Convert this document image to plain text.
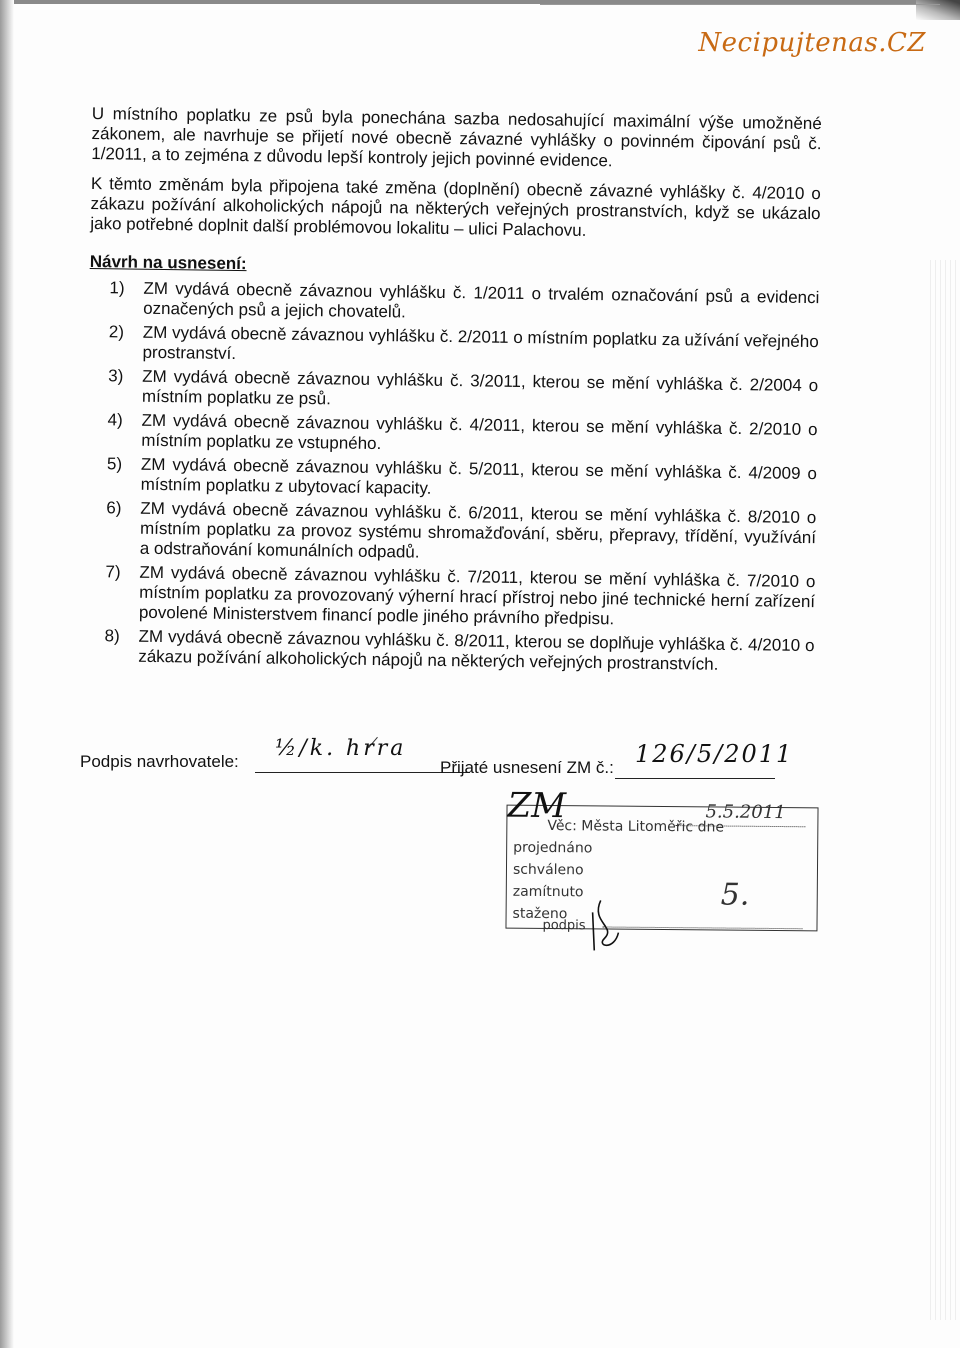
Necipujtenas.CZ

U místního poplatku ze psů byla ponechána sazba nedosahující maximální výše umožněné zákonem, ale navrhuje se přijetí nové obecně závazné vyhlášky o povinném čipování psů č. 1/2011, a to zejména z důvodu lepší kontroly jejich povinné evidence.

K těmto změnám byla připojena také změna (doplnění) obecně závazné vyhlášky č. 4/2010 o zákazu požívání alkoholických nápojů na některých veřejných prostranstvích, když se ukázalo jako potřebné doplnit další problémovou lokalitu – ulici Palachovu.

Návrh na usnesení:
1) ZM vydává obecně závaznou vyhlášku č. 1/2011 o trvalém označování psů a evidenci označených psů a jejich chovatelů.
2) ZM vydává obecně závaznou vyhlášku č. 2/2011 o místním poplatku za užívání veřejného prostranství.
3) ZM vydává obecně závaznou vyhlášku č. 3/2011, kterou se mění vyhláška č. 2/2004 o místním poplatku ze psů.
4) ZM vydává obecně závaznou vyhlášku č. 4/2011, kterou se mění vyhláška č. 2/2010 o místním poplatku ze vstupného.
5) ZM vydává obecně závaznou vyhlášku č. 5/2011, kterou se mění vyhláška č. 4/2009 o místním poplatku z ubytovací kapacity.
6) ZM vydává obecně závaznou vyhlášku č. 6/2011, kterou se mění vyhláška č. 8/2010 o místním poplatku za provoz systému shromažďování, sběru, přepravy, třídění, využívání a odstraňování komunálních odpadů.
7) ZM vydává obecně závaznou vyhlášku č. 7/2011, kterou se mění vyhláška č. 7/2010 o místním poplatku za provozovaný výherní hrací přístroj nebo jiné technické herní zařízení povolené Ministerstvem financí podle jiného právního předpisu.
8) ZM vydává obecně závaznou vyhlášku č. 8/2011, kterou se doplňuje vyhláška č. 4/2010 o zákazu požívání alkoholických nápojů na některých veřejných prostranstvích.
Podpis navrhovatele:
½/k. ℎrra
Přijaté usnesení ZM č.: 126/5/2011
ZM
Věc: Města Litoměřic dne
5.5.2011
projednáno
schváleno
zamítnuto
staženo
podpis
5.
